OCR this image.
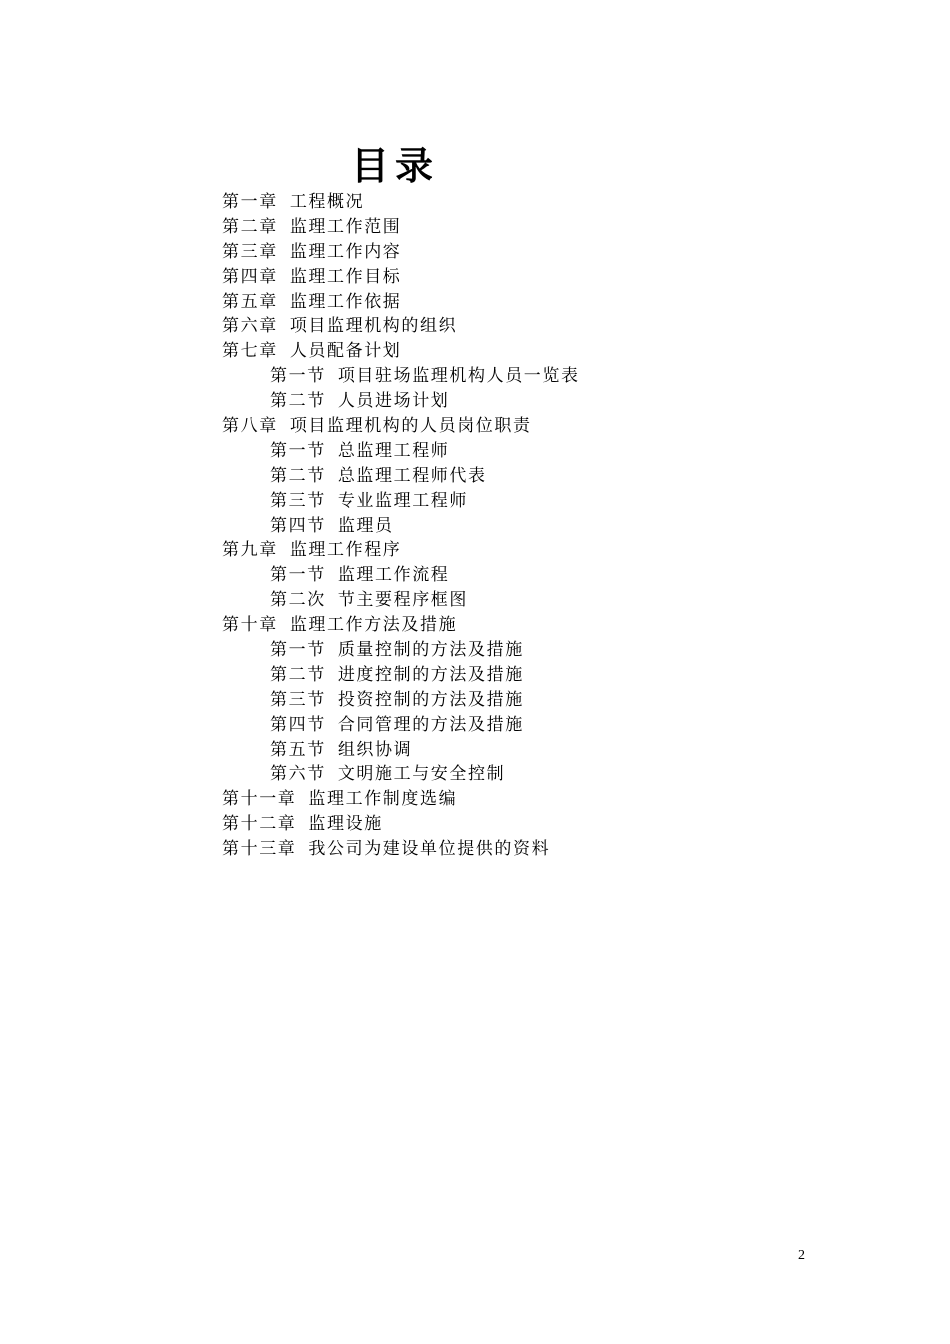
目录
第一章 工程概况
第二章 监理工作范围
第三章 监理工作内容
第四章 监理工作目标
第五章 监理工作依据
第六章 项目监理机构的组织
第七章 人员配备计划
第一节 项目驻场监理机构人员一览表
第二节 人员进场计划
第八章 项目监理机构的人员岗位职责
第一节 总监理工程师
第二节 总监理工程师代表
第三节 专业监理工程师
第四节 监理员
第九章 监理工作程序
第一节 监理工作流程
第二次 节主要程序框图
第十章 监理工作方法及措施
第一节 质量控制的方法及措施
第二节 进度控制的方法及措施
第三节 投资控制的方法及措施
第四节 合同管理的方法及措施
第五节 组织协调
第六节 文明施工与安全控制
第十一章 监理工作制度选编
第十二章 监理设施
第十三章 我公司为建设单位提供的资料
2
